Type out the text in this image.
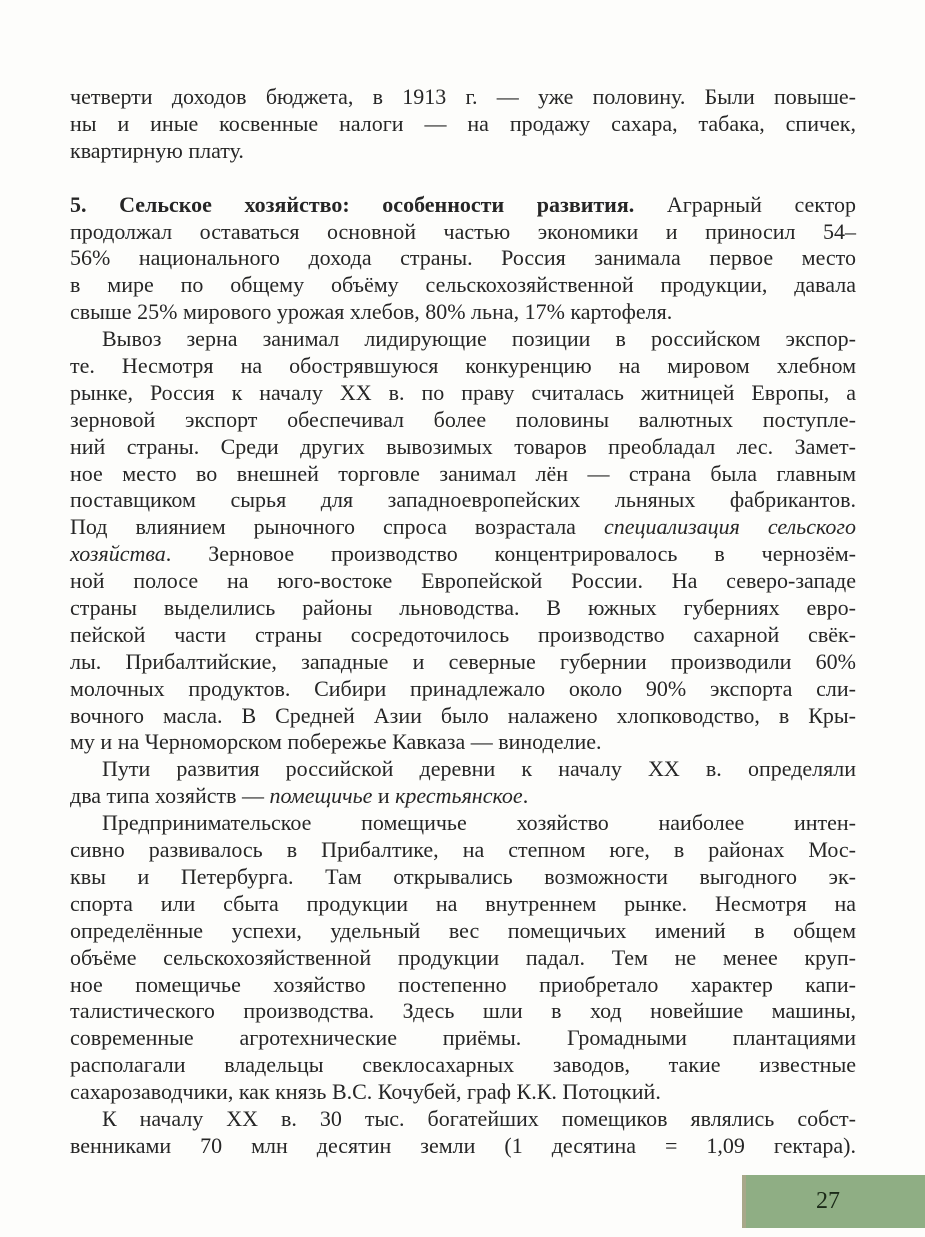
четверти доходов бюджета, в 1913 г. — уже половину. Были повыше-
ны и иные косвенные налоги — на продажу сахара, табака, спичек,
квартирную плату.
5. Сельское хозяйство: особенности развития. Аграрный сектор
продолжал оставаться основной частью экономики и приносил 54–
56% национального дохода страны. Россия занимала первое место
в мире по общему объёму сельскохозяйственной продукции, давала
свыше 25% мирового урожая хлебов, 80% льна, 17% картофеля.
Вывоз зерна занимал лидирующие позиции в российском экспор-
те. Несмотря на обострявшуюся конкуренцию на мировом хлебном
рынке, Россия к началу XX в. по праву считалась житницей Европы, а
зерновой экспорт обеспечивал более половины валютных поступле-
ний страны. Среди других вывозимых товаров преобладал лес. Замет-
ное место во внешней торговле занимал лён — страна была главным
поставщиком сырья для западноевропейских льняных фабрикантов.
Под влиянием рыночного спроса возрастала специализация сельского
хозяйства. Зерновое производство концентрировалось в чернозём-
ной полосе на юго-востоке Европейской России. На северо-западе
страны выделились районы льноводства. В южных губерниях евро-
пейской части страны сосредоточилось производство сахарной свёк-
лы. Прибалтийские, западные и северные губернии производили 60%
молочных продуктов. Сибири принадлежало около 90% экспорта сли-
вочного масла. В Средней Азии было налажено хлопководство, в Кры-
му и на Черноморском побережье Кавказа — виноделие.
Пути развития российской деревни к началу XX в. определяли
два типа хозяйств — помещичье и крестьянское.
Предпринимательское помещичье хозяйство наиболее интен-
сивно развивалось в Прибалтике, на степном юге, в районах Мос-
квы и Петербурга. Там открывались возможности выгодного эк-
спорта или сбыта продукции на внутреннем рынке. Несмотря на
определённые успехи, удельный вес помещичьих имений в общем
объёме сельскохозяйственной продукции падал. Тем не менее круп-
ное помещичье хозяйство постепенно приобретало характер капи-
талистического производства. Здесь шли в ход новейшие машины,
современные агротехнические приёмы. Громадными плантациями
располагали владельцы свеклосахарных заводов, такие известные
сахарозаводчики, как князь В.С. Кочубей, граф К.К. Потоцкий.
К началу XX в. 30 тыс. богатейших помещиков являлись собст-
венниками 70 млн десятин земли (1 десятина = 1,09 гектара).
27
